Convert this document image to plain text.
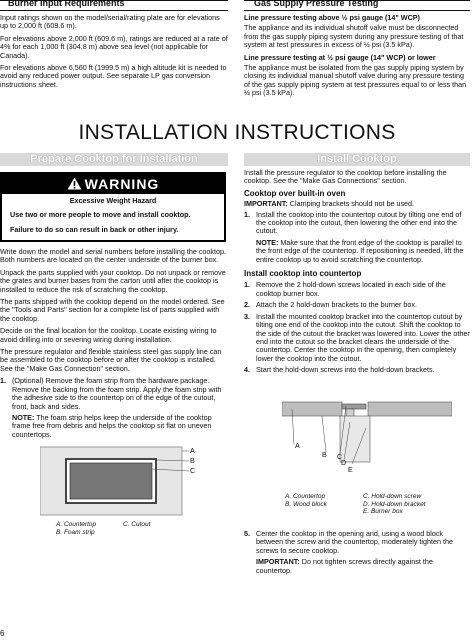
Burner Input Requirements

Input ratings shown on the model/serial/rating plate are for elevations up to 2,000 ft (609.6 m).

For elevations above 2,000 ft (609.6 m), ratings are reduced at a rate of 4% for each 1,000 ft (304.8 m) above sea level (not applicable for Canada).

For elevations above 6,560 ft (1999.5 m) a high altitude kit is needed to avoid any reduced power output. See separate LP gas conversion instructions sheet.

Gas Supply Pressure Testing

Line pressure testing above ½ psi gauge (14" WCP)

The appliance and its individual shutoff valve must be disconnected from the gas supply piping system during any pressure testing of that system at test pressures in excess of ½ psi (3.5 kPa).

Line pressure testing at ½ psi gauge (14" WCP) or lower

The appliance must be isolated from the gas supply piping system by closing its individual manual shutoff valve during any pressure testing of the gas supply piping system at test pressures equal to or less than ½ psi (3.5 kPa).

INSTALLATION INSTRUCTIONS
Prepare Cooktop for Installation
WARNING

Excessive Weight Hazard

Use two or more people to move and install cooktop.

Failure to do so can result in back or other injury.

Write down the model and serial numbers before installing the cooktop. Both numbers are located on the center underside of the burner box.

Unpack the parts supplied with your cooktop. Do not unpack or remove the grates and burner bases from the carton until after the cooktop is installed to reduce the risk of scratching the cooktop.

The parts shipped with the cooktop depend on the model ordered. See the "Tools and Parts" section for a complete list of parts supplied with the cooktop.

Decide on the final location for the cooktop. Locate existing wiring to avoid drilling into or severing wiring during installation.

The pressure regulator and flexible stainless steel gas supply line can be assembled to the cooktop before or after the cooktop is installed. See the "Make Gas Connection" section.

1. (Optional) Remove the foam strip from the hardware package. Remove the backing from the foam strip. Apply the foam strip with the adhesive side to the countertop on of the edge of the cutout, front, back and sides.

NOTE: The foam strip helps keep the underside of the cooktop frame free from debris and helps the cooktop sit flat on uneven countertops.

A
B
C
A. Countertop
B. Foam strip
C. Cutout
Install Cooktop

Install the pressure regulator to the cooktop before installing the cooktop. See the "Make Gas Connections" section.

Cooktop over built-in oven

IMPORTANT: Clamping brackets should not be used.

1. Install the cooktop into the countertop cutout by tilting one end of the cooktop into the cutout, then lowering the other end into the cutout.

NOTE: Make sure that the front edge of the cooktop is parallel to the front edge of the countertop. If repositioning is needed, lift the entire cooktop up to avoid scratching the countertop.

Install cooktop into countertop

1. Remove the 2 hold-down screws located in each side of the cooktop burner box.

2. Attach the 2 hold-down brackets to the burner box.

3. Install the mounted cooktop bracket into the countertop cutout by tilting one end of the cooktop into the cutout. Shift the cooktop to the side of the cutout the bracket was lowered into. Lower the other end into the cutout so the bracket clears the underside of the countertop. Center the cooktop in the opening, then completely lower the cooktop into the cutout.

4. Start the hold-down screws into the hold-down brackets.

A
B C
D
E
A. Countertop
B. Wood block
C. Hold-down screw
D. Hold-down bracket
E. Burner box
5. Center the cooktop in the opening and, using a wood block between the screw and the countertop, moderately tighten the screws to secure cooktop.

IMPORTANT: Do not tighten screws directly against the countertop.

6
